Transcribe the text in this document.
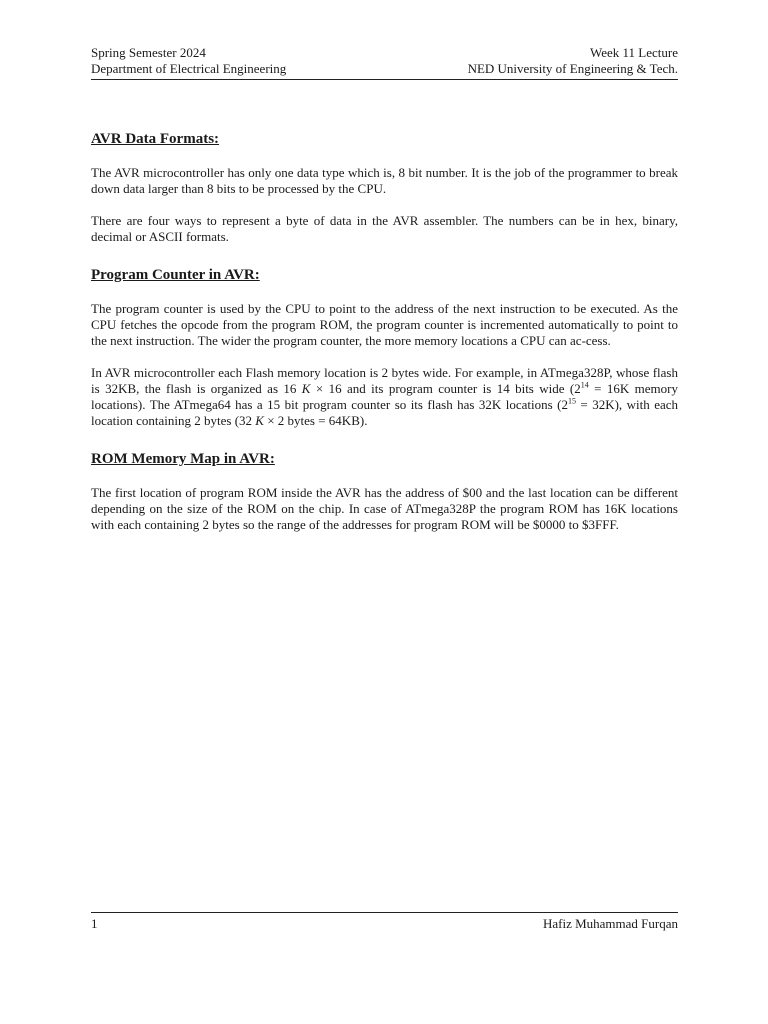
Spring Semester 2024	Week 11 Lecture
Department of Electrical Engineering	NED University of Engineering & Tech.
AVR Data Formats:

The AVR microcontroller has only one data type which is, 8 bit number. It is the job of the programmer to break down data larger than 8 bits to be processed by the CPU.

There are four ways to represent a byte of data in the AVR assembler. The numbers can be in hex, binary, decimal or ASCII formats.

Program Counter in AVR:

The program counter is used by the CPU to point to the address of the next instruction to be executed. As the CPU fetches the opcode from the program ROM, the program counter is incremented automatically to point to the next instruction. The wider the program counter, the more memory locations a CPU can ac-cess.

In AVR microcontroller each Flash memory location is 2 bytes wide. For example, in ATmega328P, whose flash is 32KB, the flash is organized as 16 K × 16 and its program counter is 14 bits wide ($2^{14} = 16K$ memory locations). The ATmega64 has a 15 bit program counter so its flash has 32K locations $(2^{15} = 32K)$, with each location containing 2 bytes (32 K × 2 bytes = 64KB).

ROM Memory Map in AVR:

The first location of program ROM inside the AVR has the address of $00 and the last location can be different depending on the size of the ROM on the chip. In case of ATmega328P the program ROM has 16K locations with each containing 2 bytes so the range of the addresses for program ROM will be $0000 to $3FFF.

1	Hafiz Muhammad Furqan
